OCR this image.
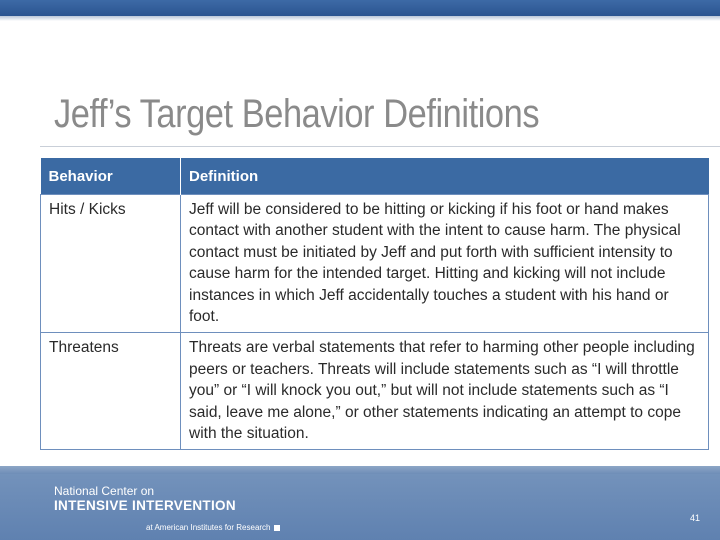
Jeff’s Target Behavior Definitions
Behavior	Definition
Hits / Kicks	Jeff will be considered to be hitting or kicking if his foot or hand makes contact with another student with the intent to cause harm. The physical contact must be initiated by Jeff and put forth with sufficient intensity to cause harm for the intended target. Hitting and kicking will not include instances in which Jeff accidentally touches a student with his hand or foot.
Threatens	Threats are verbal statements that refer to harming other people including peers or teachers. Threats will include statements such as “I will throttle you” or “I will knock you out,” but will not include statements such as “I said, leave me alone,” or other statements indicating an attempt to cope with the situation.
National Center on
INTENSIVE INTERVENTION
at American Institutes for Research
41
